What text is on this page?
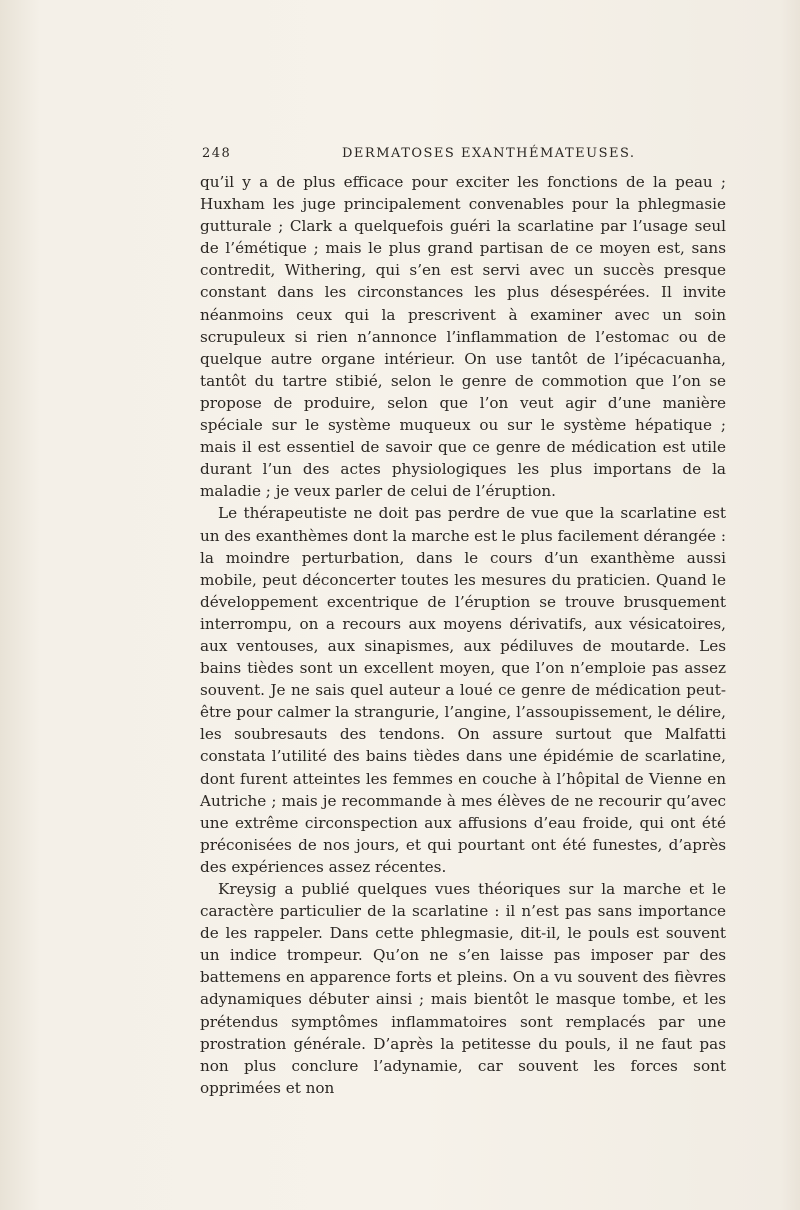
248	DERMATOSES EXANTHÉMATEUSES.

qu’il y a de plus efficace pour exciter les fonctions de la peau ; Huxham les juge principalement convenables pour la phlegmasie gutturale ; Clark a quelquefois guéri la scarlatine par l’usage seul de l’émétique ; mais le plus grand partisan de ce moyen est, sans contredit, Withering, qui s’en est servi avec un succès presque constant dans les circonstances les plus désespérées. Il invite néanmoins ceux qui la prescrivent à examiner avec un soin scrupuleux si rien n’annonce l’inflammation de l’estomac ou de quelque autre organe intérieur. On use tantôt de l’ipécacuanha, tantôt du tartre stibié, selon le genre de commotion que l’on se propose de produire, selon que l’on veut agir d’une manière spéciale sur le système muqueux ou sur le système hépatique ; mais il est essentiel de savoir que ce genre de médication est utile durant l’un des actes physiologiques les plus importans de la maladie ; je veux parler de celui de l’éruption.

Le thérapeutiste ne doit pas perdre de vue que la scarlatine est un des exanthèmes dont la marche est le plus facilement dérangée : la moindre perturbation, dans le cours d’un exanthème aussi mobile, peut déconcerter toutes les mesures du praticien. Quand le développement excentrique de l’éruption se trouve brusquement interrompu, on a recours aux moyens dérivatifs, aux vésicatoires, aux ventouses, aux sinapismes, aux pédiluves de moutarde. Les bains tièdes sont un excellent moyen, que l’on n’emploie pas assez souvent. Je ne sais quel auteur a loué ce genre de médication peut-être pour calmer la strangurie, l’angine, l’assoupissement, le délire, les soubresauts des tendons. On assure surtout que Malfatti constata l’utilité des bains tièdes dans une épidémie de scarlatine, dont furent atteintes les femmes en couche à l’hôpital de Vienne en Autriche ; mais je recommande à mes élèves de ne recourir qu’avec une extrême circonspection aux affusions d’eau froide, qui ont été préconisées de nos jours, et qui pourtant ont été funestes, d’après des expériences assez récentes.

Kreysig a publié quelques vues théoriques sur la marche et le caractère particulier de la scarlatine : il n’est pas sans importance de les rappeler. Dans cette phlegmasie, dit-il, le pouls est souvent un indice trompeur. Qu’on ne s’en laisse pas imposer par des battemens en apparence forts et pleins. On a vu souvent des fièvres adynamiques débuter ainsi ; mais bientôt le masque tombe, et les prétendus symptômes inflammatoires sont remplacés par une prostration générale. D’après la petitesse du pouls, il ne faut pas non plus conclure l’adynamie, car souvent les forces sont opprimées et non
